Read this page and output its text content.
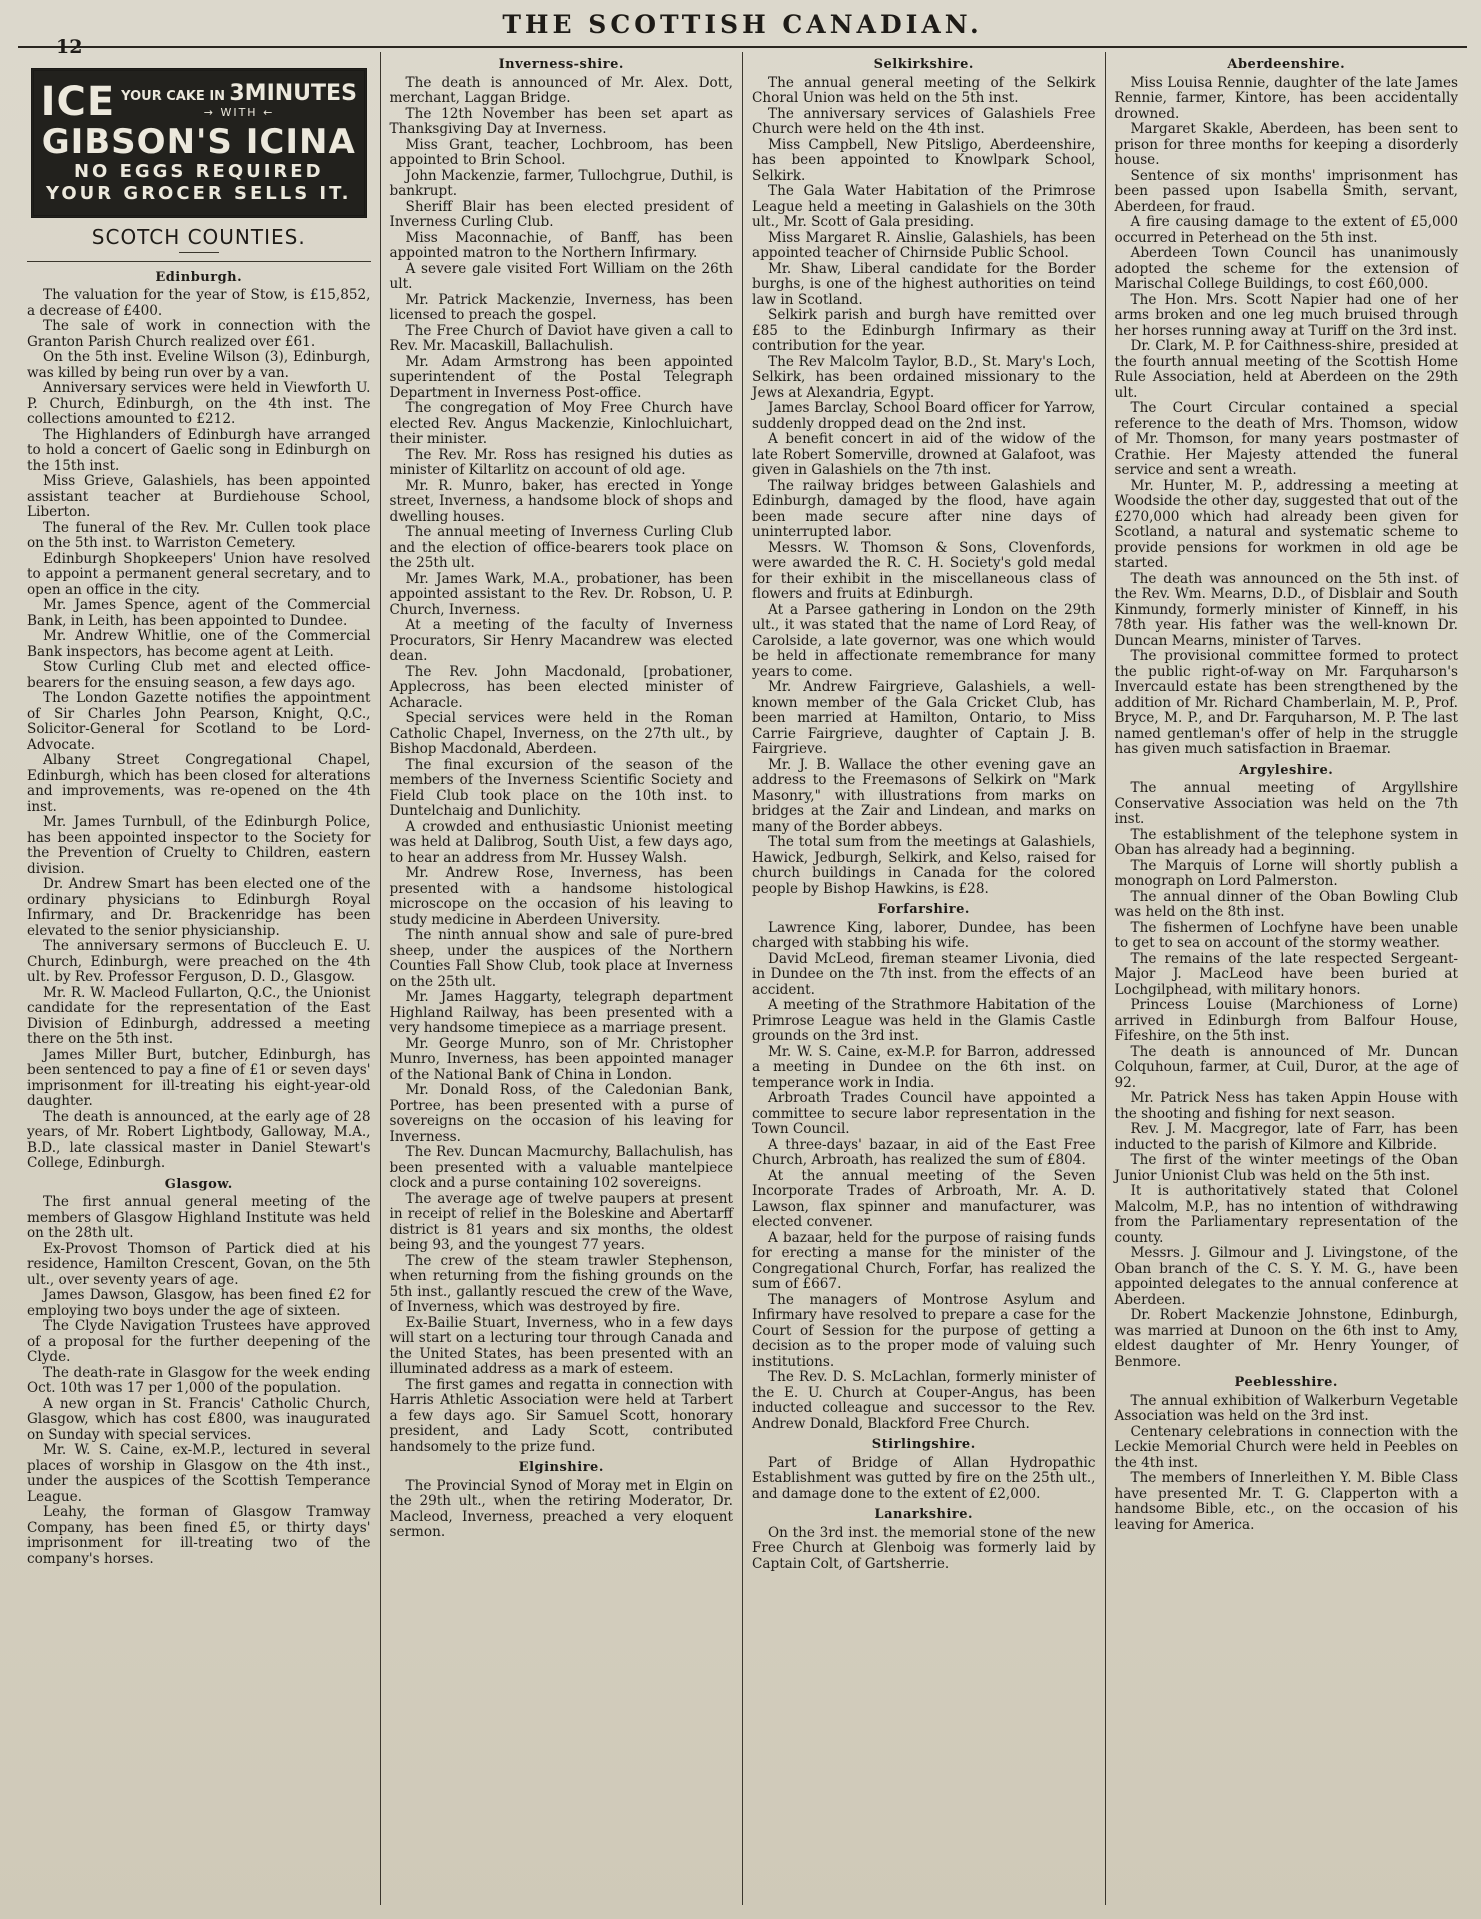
12
THE SCOTTISH CANADIAN.
ICE YOUR CAKE IN 3MINUTES
→ WITH ←
GIBSON'S ICINA
NO EGGS REQUIRED
YOUR GROCER SELLS IT.
SCOTCH COUNTIES.
Edinburgh.

The valuation for the year of Stow, is £15,852, a decrease of £400.

The sale of work in connection with the Granton Parish Church realized over £61.

On the 5th inst. Eveline Wilson (3), Edinburgh, was killed by being run over by a van.

Anniversary services were held in Viewforth U. P. Church, Edinburgh, on the 4th inst. The collections amounted to £212.

The Highlanders of Edinburgh have arranged to hold a concert of Gaelic song in Edinburgh on the 15th inst.

Miss Grieve, Galashiels, has been appointed assistant teacher at Burdiehouse School, Liberton.

The funeral of the Rev. Mr. Cullen took place on the 5th inst. to Warriston Cemetery.

Edinburgh Shopkeepers' Union have resolved to appoint a permanent general secretary, and to open an office in the city.

Mr. James Spence, agent of the Commercial Bank, in Leith, has been appointed to Dundee.

Mr. Andrew Whitlie, one of the Commercial Bank inspectors, has become agent at Leith.

Stow Curling Club met and elected office-bearers for the ensuing season, a few days ago.

The London Gazette notifies the appointment of Sir Charles John Pearson, Knight, Q.C., Solicitor-General for Scotland to be Lord-Advocate.

Albany Street Congregational Chapel, Edinburgh, which has been closed for alterations and improvements, was re-opened on the 4th inst.

Mr. James Turnbull, of the Edinburgh Police, has been appointed inspector to the Society for the Prevention of Cruelty to Children, eastern division.

Dr. Andrew Smart has been elected one of the ordinary physicians to Edinburgh Royal Infirmary, and Dr. Brackenridge has been elevated to the senior physicianship.

The anniversary sermons of Buccleuch E. U. Church, Edinburgh, were preached on the 4th ult. by Rev. Professor Ferguson, D. D., Glasgow.

Mr. R. W. Macleod Fullarton, Q.C., the Unionist candidate for the representation of the East Division of Edinburgh, addressed a meeting there on the 5th inst.

James Miller Burt, butcher, Edinburgh, has been sentenced to pay a fine of £1 or seven days' imprisonment for ill-treating his eight-year-old daughter.

The death is announced, at the early age of 28 years, of Mr. Robert Lightbody, Galloway, M.A., B.D., late classical master in Daniel Stewart's College, Edinburgh.

Glasgow.

The first annual general meeting of the members of Glasgow Highland Institute was held on the 28th ult.

Ex-Provost Thomson of Partick died at his residence, Hamilton Crescent, Govan, on the 5th ult., over seventy years of age.

James Dawson, Glasgow, has been fined £2 for employing two boys under the age of sixteen.

The Clyde Navigation Trustees have approved of a proposal for the further deepening of the Clyde.

The death-rate in Glasgow for the week ending Oct. 10th was 17 per 1,000 of the population.

A new organ in St. Francis' Catholic Church, Glasgow, which has cost £800, was inaugurated on Sunday with special services.

Mr. W. S. Caine, ex-M.P., lectured in several places of worship in Glasgow on the 4th inst., under the auspices of the Scottish Temperance League.

Leahy, the forman of Glasgow Tramway Company, has been fined £5, or thirty days' imprisonment for ill-treating two of the company's horses.

Inverness-shire.

The death is announced of Mr. Alex. Dott, merchant, Laggan Bridge.

The 12th November has been set apart as Thanksgiving Day at Inverness.

Miss Grant, teacher, Lochbroom, has been appointed to Brin School.

John Mackenzie, farmer, Tullochgrue, Duthil, is bankrupt.

Sheriff Blair has been elected president of Inverness Curling Club.

Miss Maconnachie, of Banff, has been appointed matron to the Northern Infirmary.

A severe gale visited Fort William on the 26th ult.

Mr. Patrick Mackenzie, Inverness, has been licensed to preach the gospel.

The Free Church of Daviot have given a call to Rev. Mr. Macaskill, Ballachulish.

Mr. Adam Armstrong has been appointed superintendent of the Postal Telegraph Department in Inverness Post-office.

The congregation of Moy Free Church have elected Rev. Angus Mackenzie, Kinlochluichart, their minister.

The Rev. Mr. Ross has resigned his duties as minister of Kiltarlitz on account of old age.

Mr. R. Munro, baker, has erected in Yonge street, Inverness, a handsome block of shops and dwelling houses.

The annual meeting of Inverness Curling Club and the election of office-bearers took place on the 25th ult.

Mr. James Wark, M.A., probationer, has been appointed assistant to the Rev. Dr. Robson, U. P. Church, Inverness.

At a meeting of the faculty of Inverness Procurators, Sir Henry Macandrew was elected dean.

The Rev. John Macdonald, [probationer, Applecross, has been elected minister of Acharacle.

Special services were held in the Roman Catholic Chapel, Inverness, on the 27th ult., by Bishop Macdonald, Aberdeen.

The final excursion of the season of the members of the Inverness Scientific Society and Field Club took place on the 10th inst. to Duntelchaig and Dunlichity.

A crowded and enthusiastic Unionist meeting was held at Dalibrog, South Uist, a few days ago, to hear an address from Mr. Hussey Walsh.

Mr. Andrew Rose, Inverness, has been presented with a handsome histological microscope on the occasion of his leaving to study medicine in Aberdeen University.

The ninth annual show and sale of pure-bred sheep, under the auspices of the Northern Counties Fall Show Club, took place at Inverness on the 25th ult.

Mr. James Haggarty, telegraph department Highland Railway, has been presented with a very handsome timepiece as a marriage present.

Mr. George Munro, son of Mr. Christopher Munro, Inverness, has been appointed manager of the National Bank of China in London.

Mr. Donald Ross, of the Caledonian Bank, Portree, has been presented with a purse of sovereigns on the occasion of his leaving for Inverness.

The Rev. Duncan Macmurchy, Ballachulish, has been presented with a valuable mantelpiece clock and a purse containing 102 sovereigns.

The average age of twelve paupers at present in receipt of relief in the Boleskine and Abertarff district is 81 years and six months, the oldest being 93, and the youngest 77 years.

The crew of the steam trawler Stephenson, when returning from the fishing grounds on the 5th inst., gallantly rescued the crew of the Wave, of Inverness, which was destroyed by fire.

Ex-Bailie Stuart, Inverness, who in a few days will start on a lecturing tour through Canada and the United States, has been presented with an illuminated address as a mark of esteem.

The first games and regatta in connection with Harris Athletic Association were held at Tarbert a few days ago. Sir Samuel Scott, honorary president, and Lady Scott, contributed handsomely to the prize fund.

Elginshire.

The Provincial Synod of Moray met in Elgin on the 29th ult., when the retiring Moderator, Dr. Macleod, Inverness, preached a very eloquent sermon.

Selkirkshire.

The annual general meeting of the Selkirk Choral Union was held on the 5th inst.

The anniversary services of Galashiels Free Church were held on the 4th inst.

Miss Campbell, New Pitsligo, Aberdeenshire, has been appointed to Knowlpark School, Selkirk.

The Gala Water Habitation of the Primrose League held a meeting in Galashiels on the 30th ult., Mr. Scott of Gala presiding.

Miss Margaret R. Ainslie, Galashiels, has been appointed teacher of Chirnside Public School.

Mr. Shaw, Liberal candidate for the Border burghs, is one of the highest authorities on teind law in Scotland.

Selkirk parish and burgh have remitted over £85 to the Edinburgh Infirmary as their contribution for the year.

The Rev Malcolm Taylor, B.D., St. Mary's Loch, Selkirk, has been ordained missionary to the Jews at Alexandria, Egypt.

James Barclay, School Board officer for Yarrow, suddenly dropped dead on the 2nd inst.

A benefit concert in aid of the widow of the late Robert Somerville, drowned at Galafoot, was given in Galashiels on the 7th inst.

The railway bridges between Galashiels and Edinburgh, damaged by the flood, have again been made secure after nine days of uninterrupted labor.

Messrs. W. Thomson & Sons, Clovenfords, were awarded the R. C. H. Society's gold medal for their exhibit in the miscellaneous class of flowers and fruits at Edinburgh.

At a Parsee gathering in London on the 29th ult., it was stated that the name of Lord Reay, of Carolside, a late governor, was one which would be held in affectionate remembrance for many years to come.

Mr. Andrew Fairgrieve, Galashiels, a well-known member of the Gala Cricket Club, has been married at Hamilton, Ontario, to Miss Carrie Fairgrieve, daughter of Captain J. B. Fairgrieve.

Mr. J. B. Wallace the other evening gave an address to the Freemasons of Selkirk on "Mark Masonry," with illustrations from marks on bridges at the Zair and Lindean, and marks on many of the Border abbeys.

The total sum from the meetings at Galashiels, Hawick, Jedburgh, Selkirk, and Kelso, raised for church buildings in Canada for the colored people by Bishop Hawkins, is £28.

Forfarshire.

Lawrence King, laborer, Dundee, has been charged with stabbing his wife.

David McLeod, fireman steamer Livonia, died in Dundee on the 7th inst. from the effects of an accident.

A meeting of the Strathmore Habitation of the Primrose League was held in the Glamis Castle grounds on the 3rd inst.

Mr. W. S. Caine, ex-M.P. for Barron, addressed a meeting in Dundee on the 6th inst. on temperance work in India.

Arbroath Trades Council have appointed a committee to secure labor representation in the Town Council.

A three-days' bazaar, in aid of the East Free Church, Arbroath, has realized the sum of £804.

At the annual meeting of the Seven Incorporate Trades of Arbroath, Mr. A. D. Lawson, flax spinner and manufacturer, was elected convener.

A bazaar, held for the purpose of raising funds for erecting a manse for the minister of the Congregational Church, Forfar, has realized the sum of £667.

The managers of Montrose Asylum and Infirmary have resolved to prepare a case for the Court of Session for the purpose of getting a decision as to the proper mode of valuing such institutions.

The Rev. D. S. McLachlan, formerly minister of the E. U. Church at Couper-Angus, has been inducted colleague and successor to the Rev. Andrew Donald, Blackford Free Church.

Stirlingshire.

Part of Bridge of Allan Hydropathic Establishment was gutted by fire on the 25th ult., and damage done to the extent of £2,000.

Lanarkshire.

On the 3rd inst. the memorial stone of the new Free Church at Glenboig was formerly laid by Captain Colt, of Gartsherrie.

Aberdeenshire.

Miss Louisa Rennie, daughter of the late James Rennie, farmer, Kintore, has been accidentally drowned.

Margaret Skakle, Aberdeen, has been sent to prison for three months for keeping a disorderly house.

Sentence of six months' imprisonment has been passed upon Isabella Smith, servant, Aberdeen, for fraud.

A fire causing damage to the extent of £5,000 occurred in Peterhead on the 5th inst.

Aberdeen Town Council has unanimously adopted the scheme for the extension of Marischal College Buildings, to cost £60,000.

The Hon. Mrs. Scott Napier had one of her arms broken and one leg much bruised through her horses running away at Turiff on the 3rd inst.

Dr. Clark, M. P. for Caithness-shire, presided at the fourth annual meeting of the Scottish Home Rule Association, held at Aberdeen on the 29th ult.

The Court Circular contained a special reference to the death of Mrs. Thomson, widow of Mr. Thomson, for many years postmaster of Crathie. Her Majesty attended the funeral service and sent a wreath.

Mr. Hunter, M. P., addressing a meeting at Woodside the other day, suggested that out of the £270,000 which had already been given for Scotland, a natural and systematic scheme to provide pensions for workmen in old age be started.

The death was announced on the 5th inst. of the Rev. Wm. Mearns, D.D., of Disblair and South Kinmundy, formerly minister of Kinneff, in his 78th year. His father was the well-known Dr. Duncan Mearns, minister of Tarves.

The provisional committee formed to protect the public right-of-way on Mr. Farquharson's Invercauld estate has been strengthened by the addition of Mr. Richard Chamberlain, M. P., Prof. Bryce, M. P., and Dr. Farquharson, M. P. The last named gentleman's offer of help in the struggle has given much satisfaction in Braemar.

Argyleshire.

The annual meeting of Argyllshire Conservative Association was held on the 7th inst.

The establishment of the telephone system in Oban has already had a beginning.

The Marquis of Lorne will shortly publish a monograph on Lord Palmerston.

The annual dinner of the Oban Bowling Club was held on the 8th inst.

The fishermen of Lochfyne have been unable to get to sea on account of the stormy weather.

The remains of the late respected Sergeant-Major J. MacLeod have been buried at Lochgilphead, with military honors.

Princess Louise (Marchioness of Lorne) arrived in Edinburgh from Balfour House, Fifeshire, on the 5th inst.

The death is announced of Mr. Duncan Colquhoun, farmer, at Cuil, Duror, at the age of 92.

Mr. Patrick Ness has taken Appin House with the shooting and fishing for next season.

Rev. J. M. Macgregor, late of Farr, has been inducted to the parish of Kilmore and Kilbride.

The first of the winter meetings of the Oban Junior Unionist Club was held on the 5th inst.

It is authoritatively stated that Colonel Malcolm, M.P., has no intention of withdrawing from the Parliamentary representation of the county.

Messrs. J. Gilmour and J. Livingstone, of the Oban branch of the C. S. Y. M. G., have been appointed delegates to the annual conference at Aberdeen.

Dr. Robert Mackenzie Johnstone, Edinburgh, was married at Dunoon on the 6th inst to Amy, eldest daughter of Mr. Henry Younger, of Benmore.

Peeblesshire.

The annual exhibition of Walkerburn Vegetable Association was held on the 3rd inst.

Centenary celebrations in connection with the Leckie Memorial Church were held in Peebles on the 4th inst.

The members of Innerleithen Y. M. Bible Class have presented Mr. T. G. Clapperton with a handsome Bible, etc., on the occasion of his leaving for America.
